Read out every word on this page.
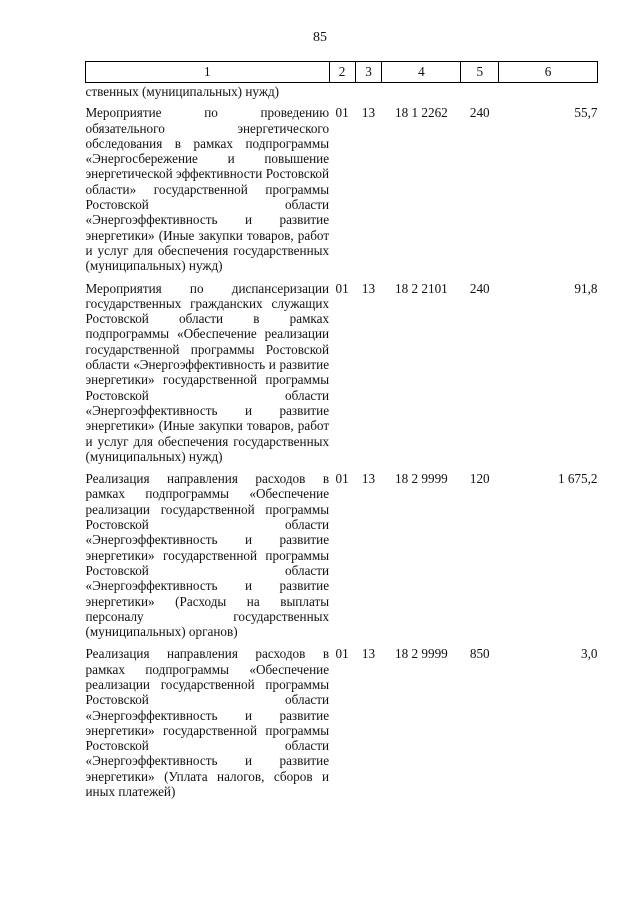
85
1	2	3	4	5	6
ственных (муниципальных) нужд)					
Мероприятие по проведению обязательного энергетического обследования в рамках подпрограммы «Энергосбережение и повышение энергетической эффективности Ростовской области» государственной программы Ростовской области «Энергоэффективность и развитие энергетики» (Иные закупки товаров, работ и услуг для обеспечения государственных (муниципальных) нужд)	01	13	18 1 2262	240	55,7
Мероприятия по диспансеризации государственных гражданских служащих Ростовской области в рамках подпрограммы «Обеспечение реализации государственной программы Ростовской области «Энергоэффективность и развитие энергетики» государственной программы Ростовской области «Энергоэффективность и развитие энергетики» (Иные закупки товаров, работ и услуг для обеспечения государственных (муниципальных) нужд)	01	13	18 2 2101	240	91,8
Реализация направления расходов в рамках подпрограммы «Обеспечение реализации государственной программы Ростовской области «Энергоэффективность и развитие энергетики» государственной программы Ростовской области «Энергоэффективность и развитие энергетики» (Расходы на выплаты персоналу государственных (муниципальных) органов)	01	13	18 2 9999	120	1 675,2
Реализация направления расходов в рамках подпрограммы «Обеспечение реализации государственной программы Ростовской области «Энергоэффективность и развитие энергетики» государственной программы Ростовской области «Энергоэффективность и развитие энергетики» (Уплата налогов, сборов и иных платежей)	01	13	18 2 9999	850	3,0
